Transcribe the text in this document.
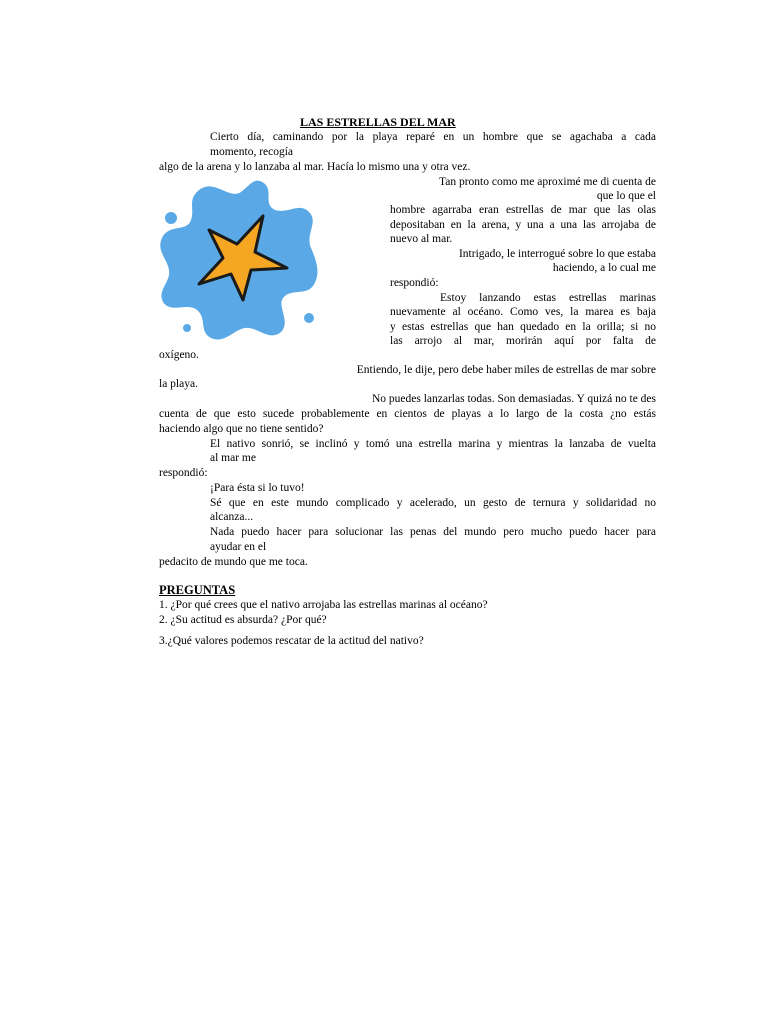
LAS ESTRELLAS DEL MAR
Cierto día, caminando por la playa reparé en un hombre que se agachaba a cada
momento, recogía
algo de la arena y lo lanzaba al mar. Hacía lo mismo una y otra vez.
Tan pronto como me aproximé me di cuenta de
que lo que el
hombre agarraba eran estrellas de mar que las olas
depositaban en la arena, y una a una las arrojaba de
nuevo al mar.
Intrigado, le interrogué sobre lo que estaba
haciendo, a lo cual me
respondió:
Estoy lanzando estas estrellas marinas
nuevamente al océano. Como ves, la marea es baja
y estas estrellas que han quedado en la orilla; si no
las arrojo al mar, morirán aquí por falta de
oxígeno.
Entiendo, le dije, pero debe haber miles de estrellas de mar sobre
la playa.
No puedes lanzarlas todas. Son demasiadas. Y quizá no te des
cuenta de que esto sucede probablemente en cientos de playas a lo largo de la costa ¿no estás
haciendo algo que no tiene sentido?
El nativo sonrió, se inclinó y tomó una estrella marina y mientras la lanzaba de vuelta
al mar me
respondió:
¡Para ésta si lo tuvo!
Sé que en este mundo complicado y acelerado, un gesto de ternura y solidaridad no
alcanza...
Nada puedo hacer para solucionar las penas del mundo pero mucho puedo hacer para
ayudar en el
pedacito de mundo que me toca.
PREGUNTAS
1. ¿Por qué crees que el nativo arrojaba las estrellas marinas al océano?
2. ¿Su actitud es absurda? ¿Por qué?
3.¿Qué valores podemos rescatar de la actitud del nativo?
